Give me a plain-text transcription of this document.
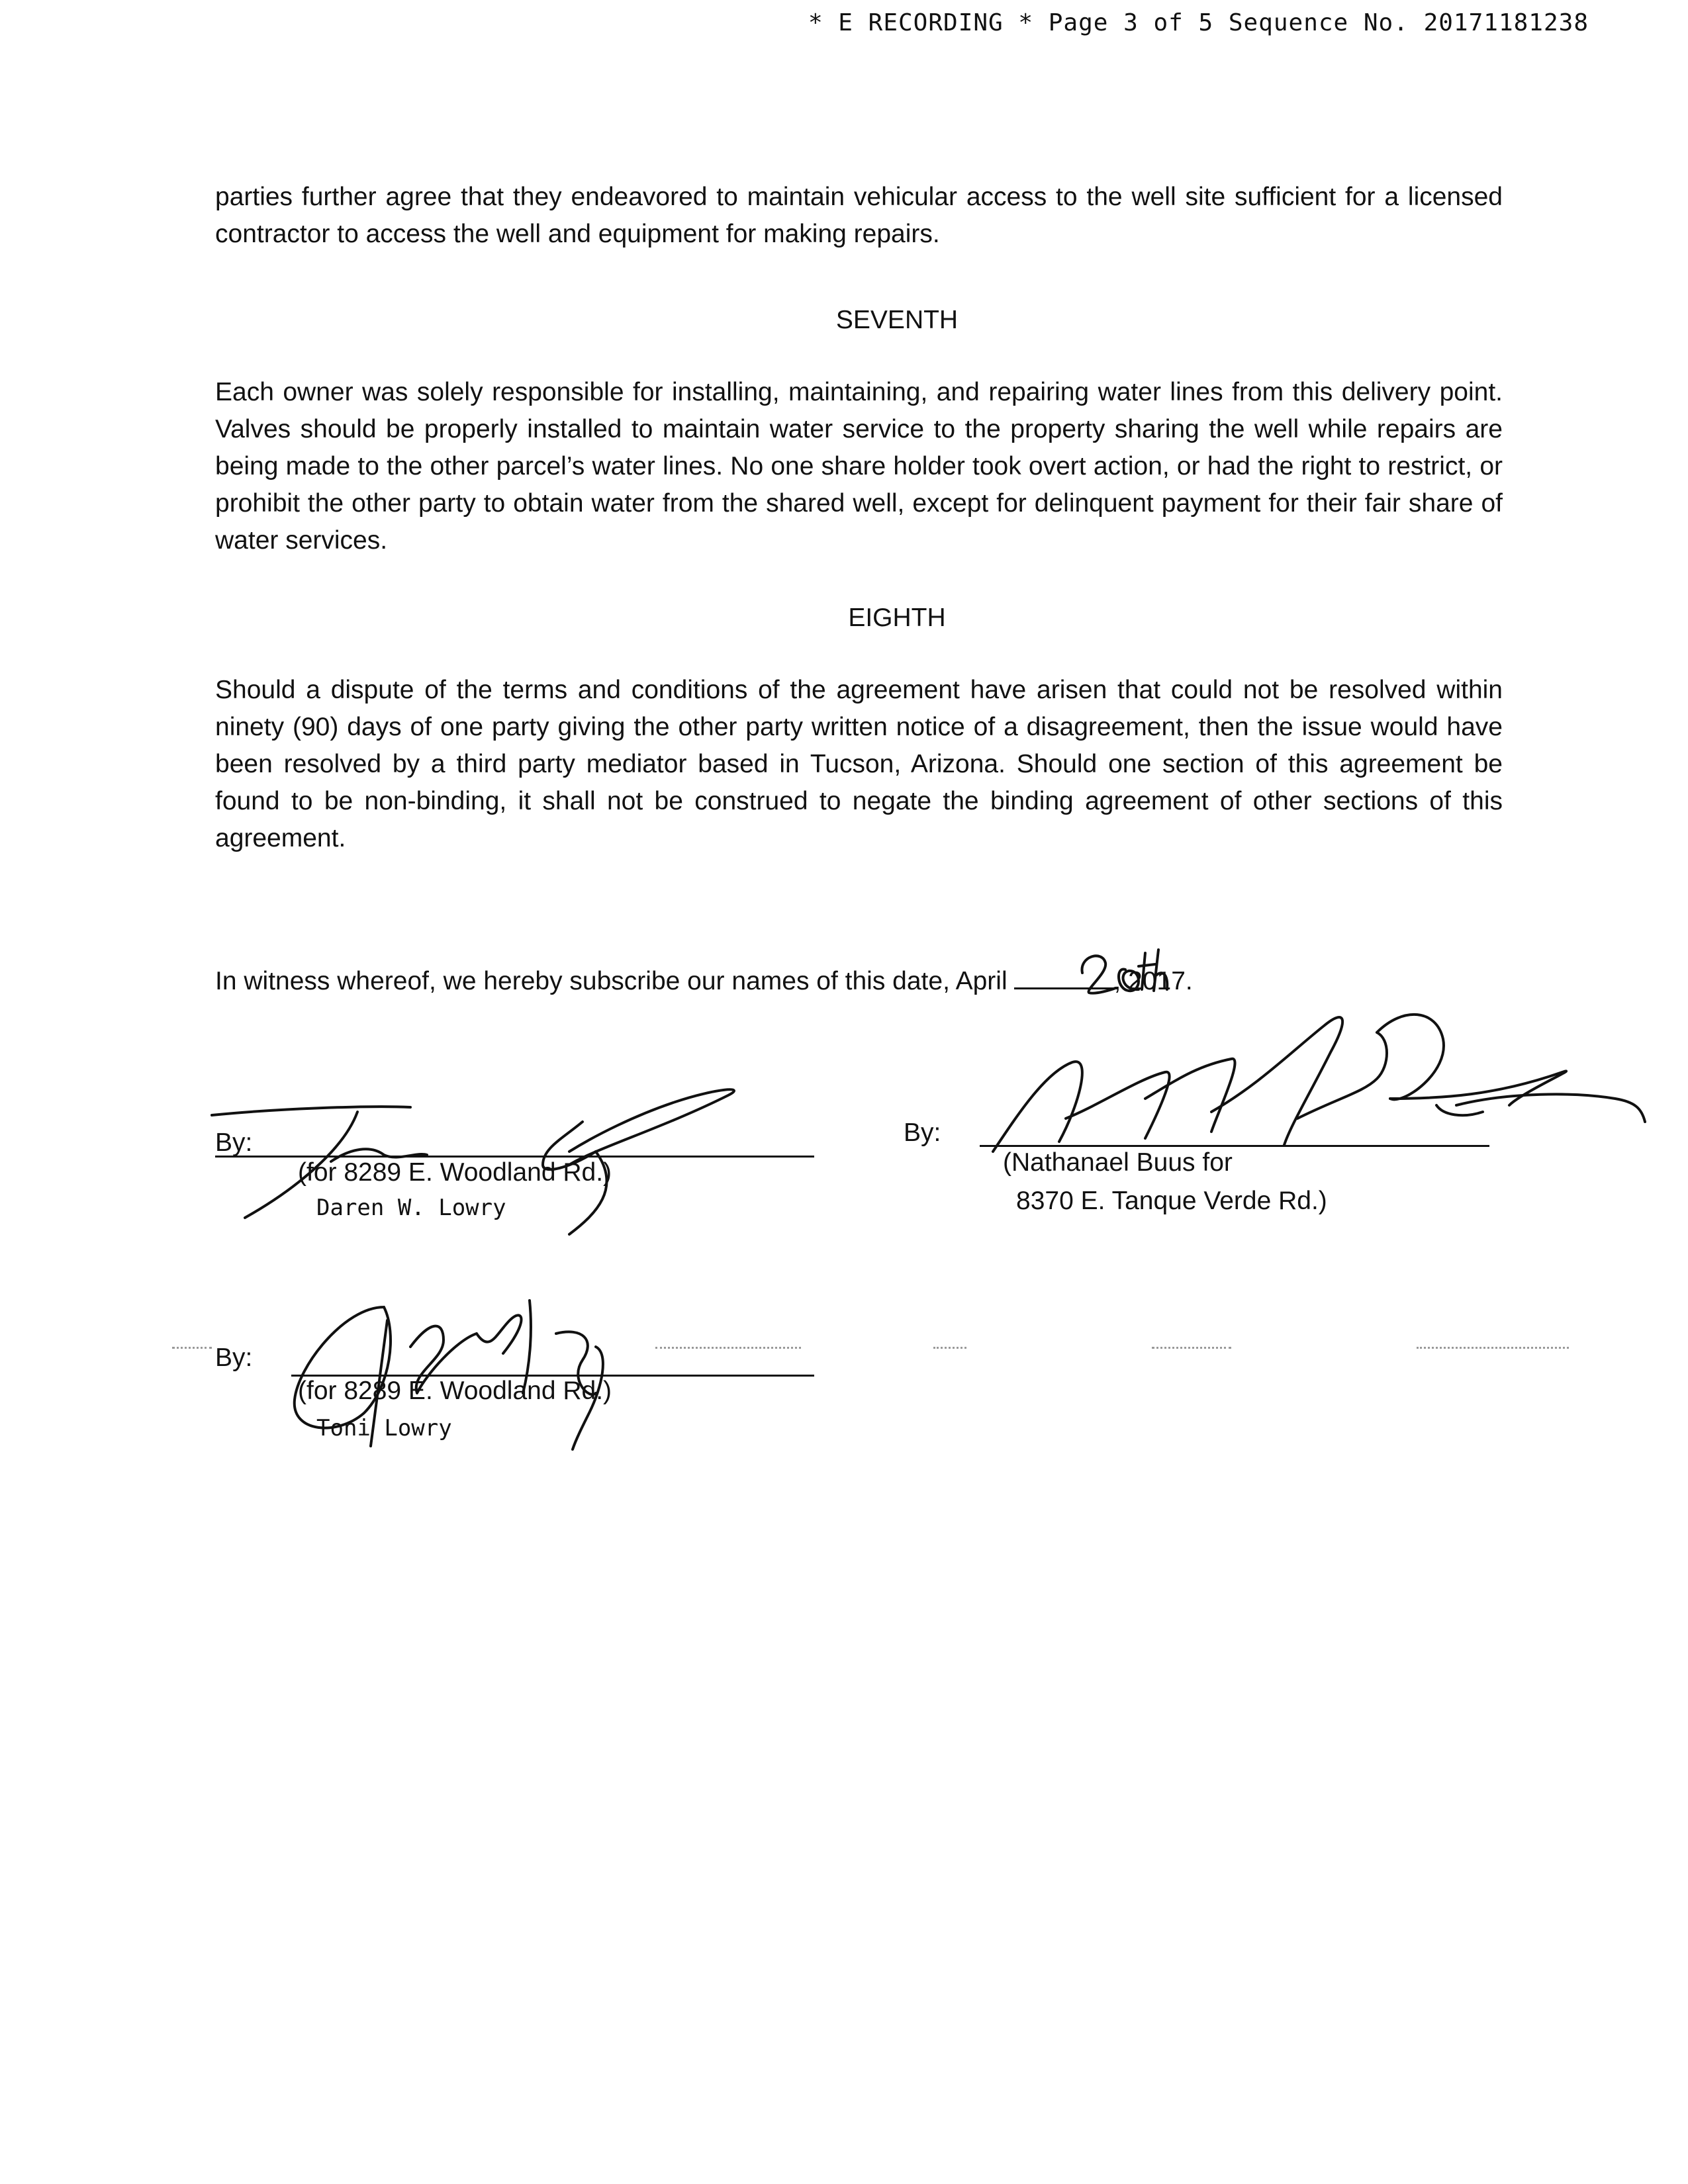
* E RECORDING * Page 3 of 5 Sequence No. 20171181238

parties further agree that they endeavored to maintain vehicular access to the well site sufficient for a licensed contractor to access the well and equipment for making repairs.

SEVENTH

Each owner was solely responsible for installing, maintaining, and repairing water lines from this delivery point. Valves should be properly installed to maintain water service to the property sharing the well while repairs are being made to the other parcel’s water lines. No one share holder took overt action, or had the right to restrict, or prohibit the other party to obtain water from the shared well, except for delinquent payment for their fair share of water services.

EIGHTH

Should a dispute of the terms and conditions of the agreement have arisen that could not be resolved within ninety (90) days of one party giving the other party written notice of a disagreement, then the issue would have been resolved by a third party mediator based in Tucson, Arizona. Should one section of this agreement be found to be non-binding, it shall not be construed to negate the binding agreement of other sections of this agreement.

In witness whereof, we hereby subscribe our names of this date, April	, 2017.
By:
(for 8289 E. Woodland Rd.)
Daren W. Lowry
By:
(Nathanael Buus for
8370 E. Tanque Verde Rd.)
By:
(for 8289 E. Woodland Rd.)
Toni Lowry
